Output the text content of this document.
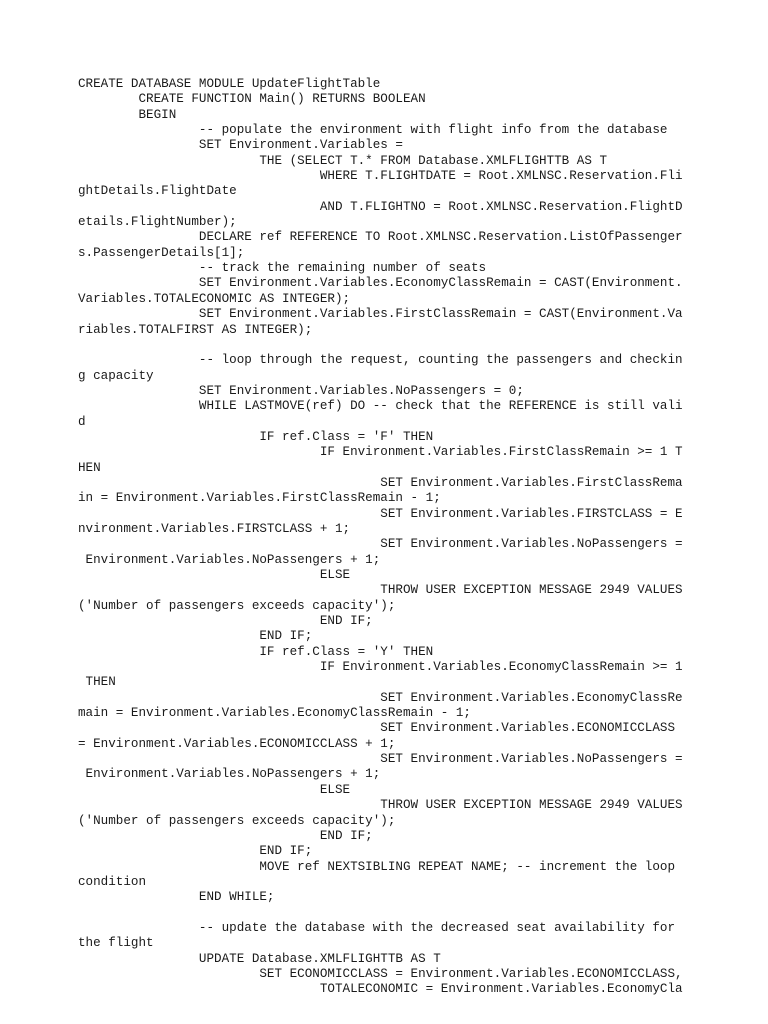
CREATE DATABASE MODULE UpdateFlightTable
CREATE FUNCTION Main() RETURNS BOOLEAN
BEGIN
-- populate the environment with flight info from the database
SET Environment.Variables =
THE (SELECT T.* FROM Database.XMLFLIGHTTB AS T
WHERE T.FLIGHTDATE = Root.XMLNSC.Reservation.Fli
ghtDetails.FlightDate
AND T.FLIGHTNO = Root.XMLNSC.Reservation.FlightD
etails.FlightNumber);
DECLARE ref REFERENCE TO Root.XMLNSC.Reservation.ListOfPassenger
s.PassengerDetails[1];
-- track the remaining number of seats
SET Environment.Variables.EconomyClassRemain = CAST(Environment.
Variables.TOTALECONOMIC AS INTEGER);
SET Environment.Variables.FirstClassRemain = CAST(Environment.Va
riables.TOTALFIRST AS INTEGER);
-- loop through the request, counting the passengers and checkin
g capacity
SET Environment.Variables.NoPassengers = 0;
WHILE LASTMOVE(ref) DO -- check that the REFERENCE is still vali
d
IF ref.Class = 'F' THEN
IF Environment.Variables.FirstClassRemain >= 1 T
HEN
SET Environment.Variables.FirstClassRema
in = Environment.Variables.FirstClassRemain - 1;
SET Environment.Variables.FIRSTCLASS = E
nvironment.Variables.FIRSTCLASS + 1;
SET Environment.Variables.NoPassengers =
Environment.Variables.NoPassengers + 1;
ELSE
THROW USER EXCEPTION MESSAGE 2949 VALUES
('Number of passengers exceeds capacity');
END IF;
END IF;
IF ref.Class = 'Y' THEN
IF Environment.Variables.EconomyClassRemain >= 1
THEN
SET Environment.Variables.EconomyClassRe
main = Environment.Variables.EconomyClassRemain - 1;
SET Environment.Variables.ECONOMICCLASS
= Environment.Variables.ECONOMICCLASS + 1;
SET Environment.Variables.NoPassengers =
Environment.Variables.NoPassengers + 1;
ELSE
THROW USER EXCEPTION MESSAGE 2949 VALUES
('Number of passengers exceeds capacity');
END IF;
END IF;
MOVE ref NEXTSIBLING REPEAT NAME; -- increment the loop
condition
END WHILE;
-- update the database with the decreased seat availability for
the flight
UPDATE Database.XMLFLIGHTTB AS T
SET ECONOMICCLASS = Environment.Variables.ECONOMICCLASS,
TOTALECONOMIC = Environment.Variables.EconomyCla
